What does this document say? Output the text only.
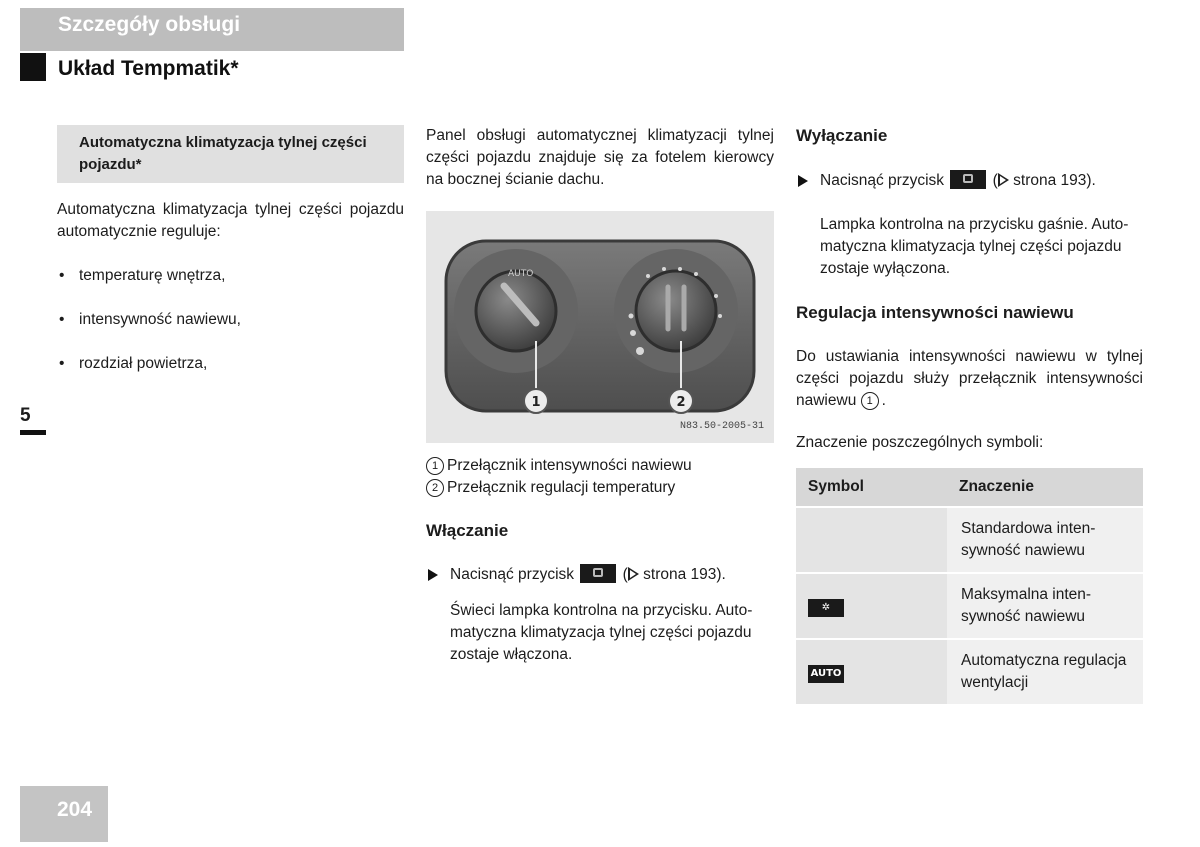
Szczegóły obsługi
Układ Tempmatik*
5
204
Automatyczna klimatyzacja tylnej części pojazdu*

Automatyczna klimatyzacja tylnej części pojazdu automatycznie reguluje:

• temperaturę wnętrza,
• intensywność nawiewu,
• rozdział powietrza,

Panel obsługi automatycznej klimatyzacji tylnej części pojazdu znajduje się za fotelem kierowcy na bocznej ścianie dachu.

AUTO
1	2
N83.50-2005-31
1 Przełącznik intensywności nawiewu
2 Przełącznik regulacji temperatury

Włączanie

Nacisnąć przycisk	( strona 193).

Świeci lampka kontrolna na przycisku. Automatyczna klimatyzacja tylnej części pojazdu zostaje włączona.

Wyłączanie

Nacisnąć przycisk	( strona 193).

Lampka kontrolna na przycisku gaśnie. Automatyczna klimatyzacja tylnej części pojazdu zostaje wyłączona.

Regulacja intensywności nawiewu

Do ustawiania intensywności nawiewu w tylnej części pojazdu służy przełącznik intensywności nawiewu 1 .

Znaczenie poszczególnych symboli:

Symbol	Znaczenie
	Standardowa intensywność nawiewu
✲	Maksymalna intensywność nawiewu
AUTO	Automatyczna regulacja wentylacji
